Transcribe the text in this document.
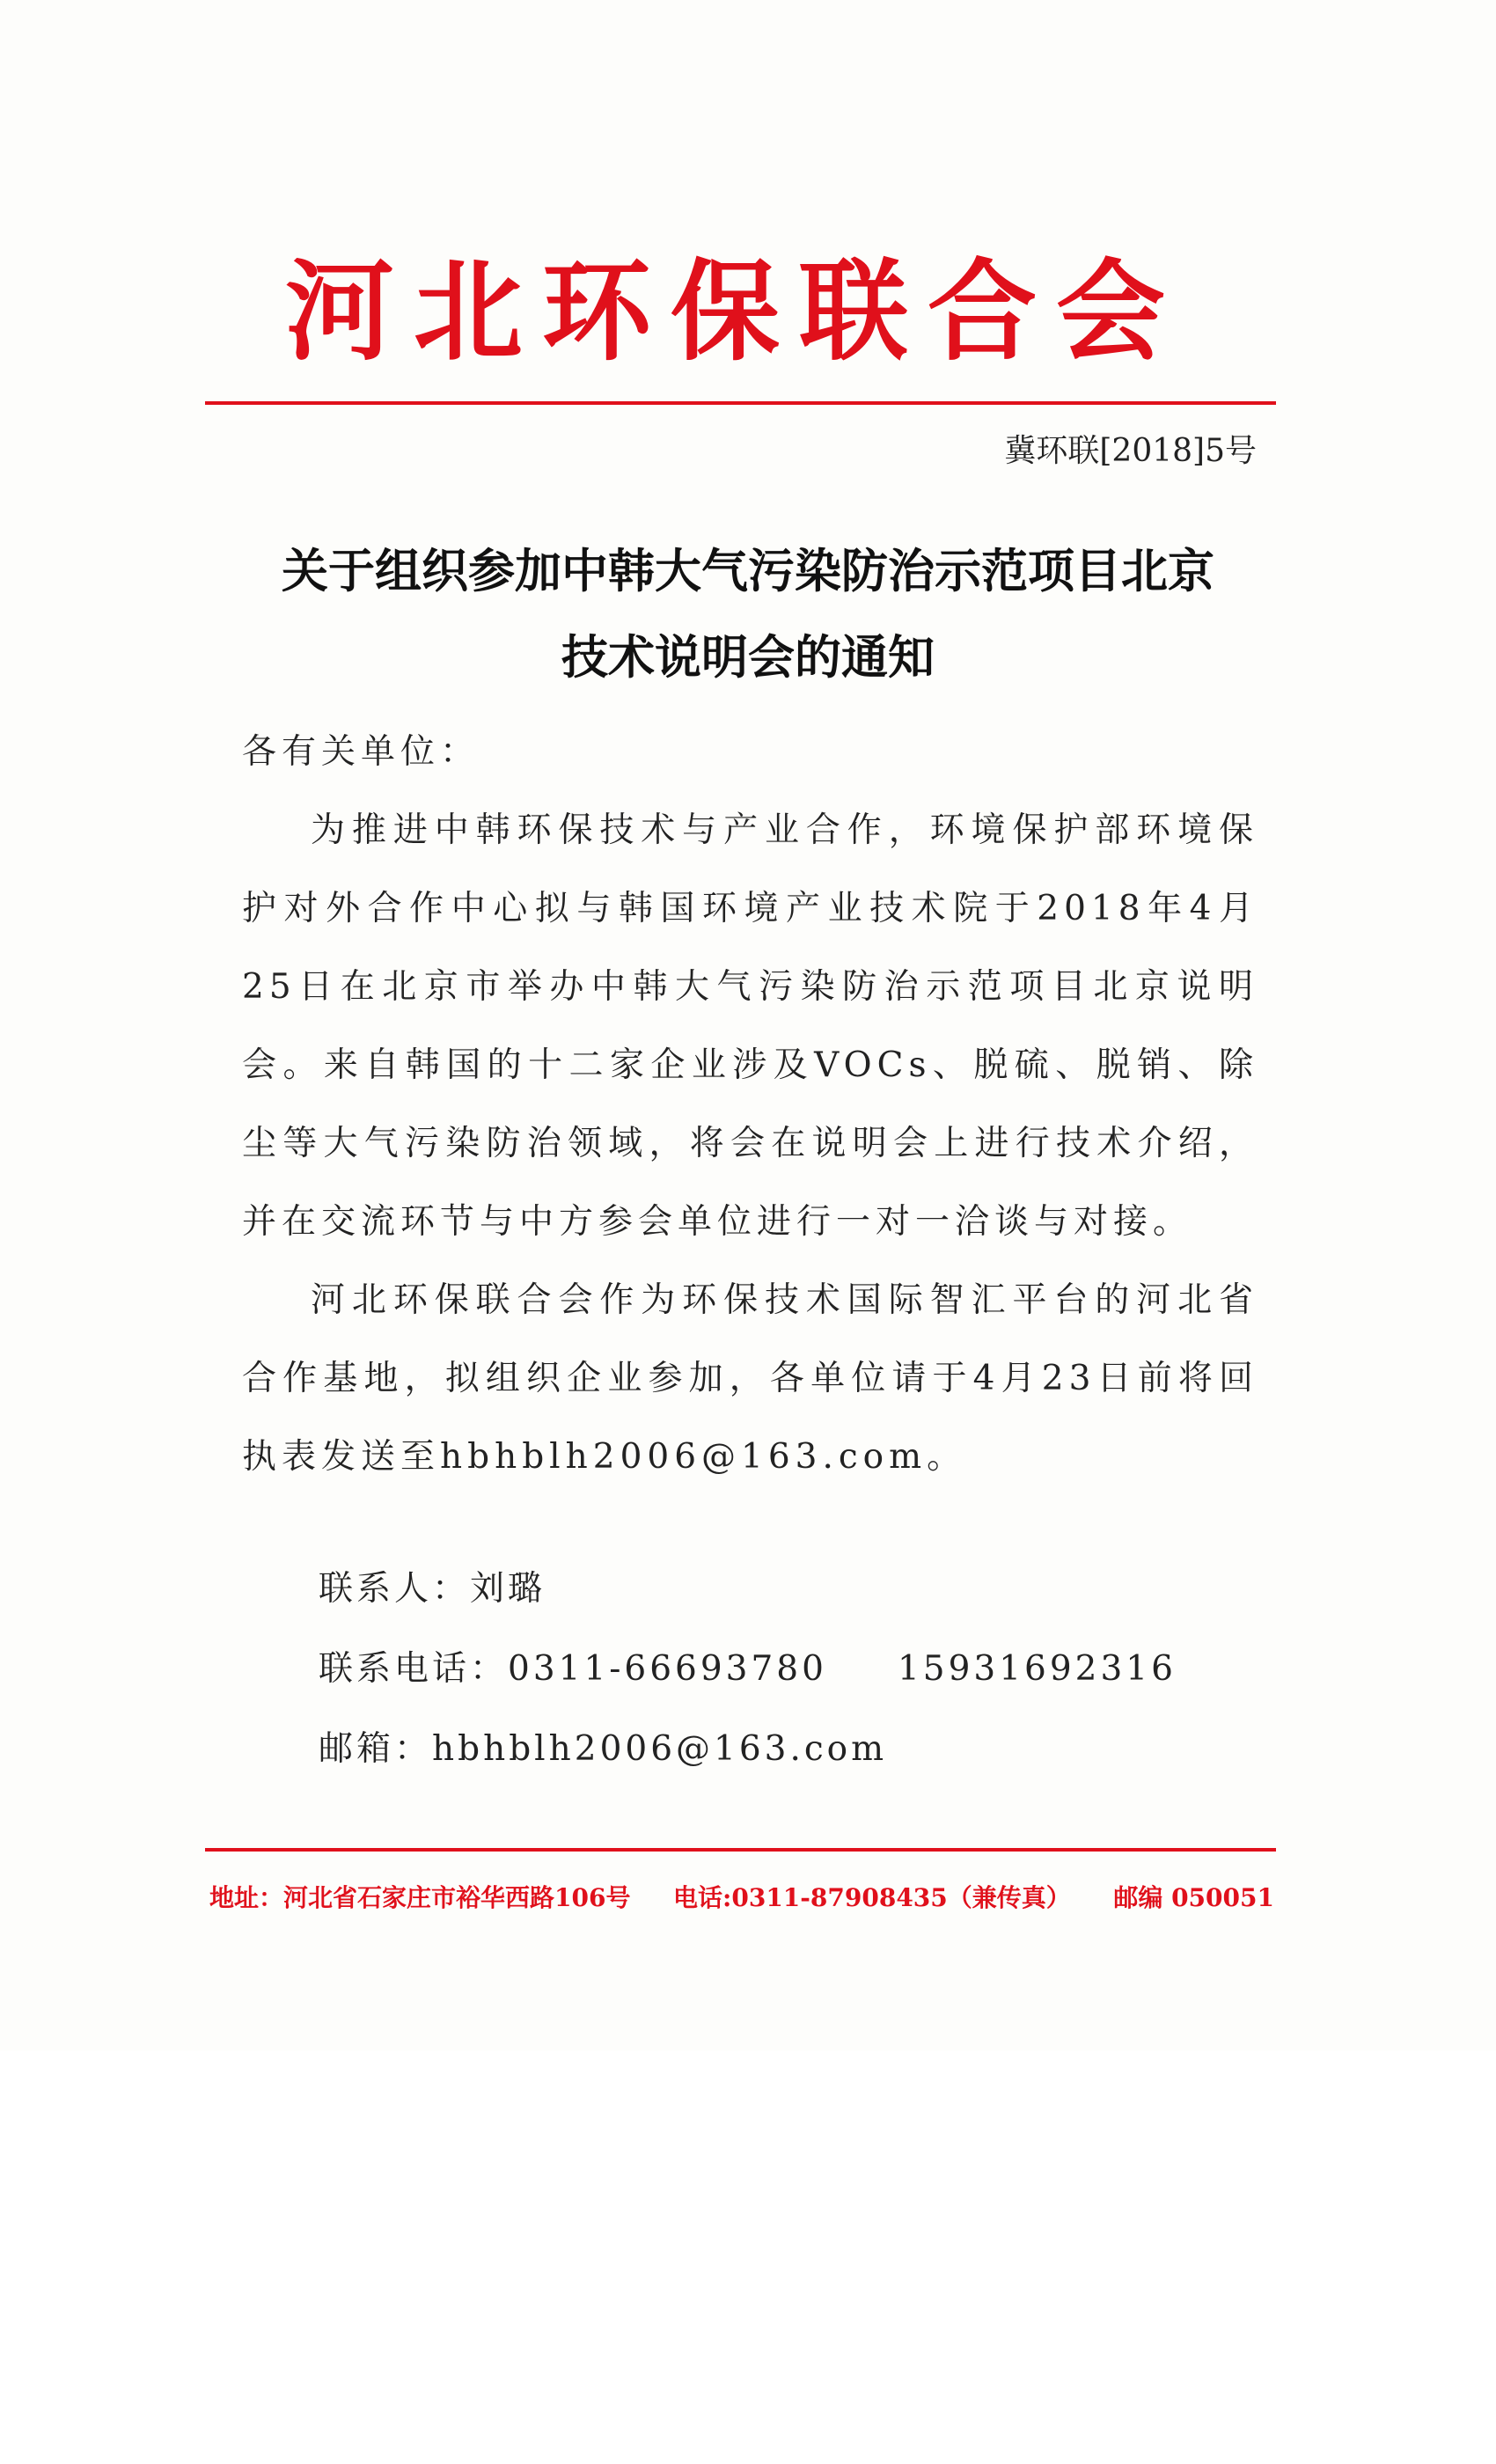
河北环保联合会
冀环联[2018]5号
关于组织参加中韩大气污染防治示范项目北京
技术说明会的通知
各有关单位：

为推进中韩环保技术与产业合作，环境保护部环境保护对外合作中心拟与韩国环境产业技术院于2018年4月25日在北京市举办中韩大气污染防治示范项目北京说明会。来自韩国的十二家企业涉及VOCs、脱硫、脱销、除尘等大气污染防治领域，将会在说明会上进行技术介绍，并在交流环节与中方参会单位进行一对一洽谈与对接。

河北环保联合会作为环保技术国际智汇平台的河北省合作基地，拟组织企业参加，各单位请于4月23日前将回执表发送至hbhblh2006@163.com。

联系人：刘璐
联系电话：0311-66693780 15931692316
邮箱：hbhblh2006@163.com
地址：河北省石家庄市裕华西路106号 电话:0311-87908435（兼传真） 邮编 050051
